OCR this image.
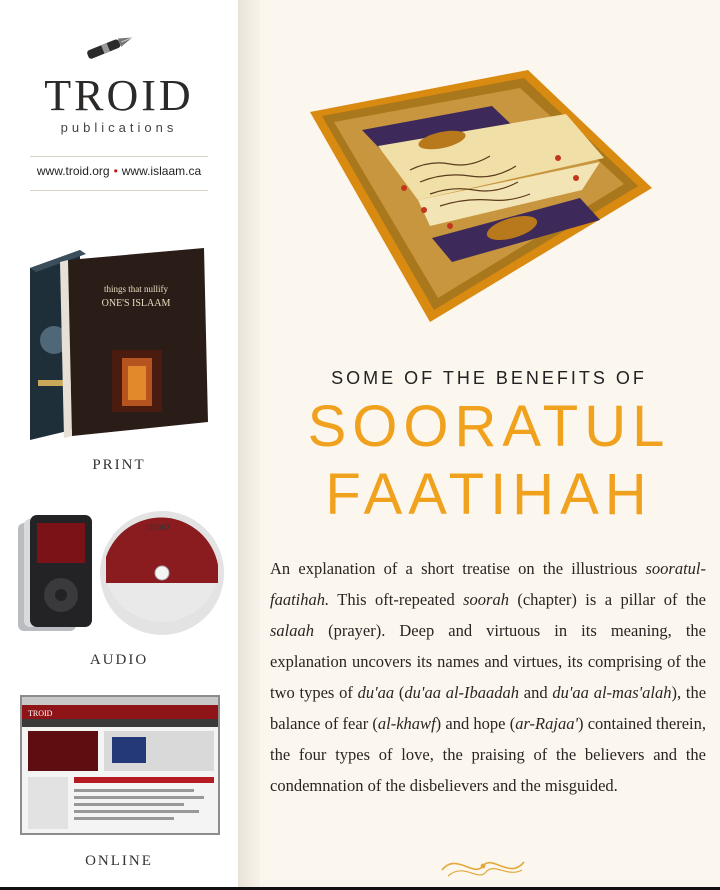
TROID
publications
www.troid.org • www.islaam.ca
things that nullify
ONE'S ISLAAM
PRINT
TROID
AUDIO
TROID
ONLINE
SOME OF THE BENEFITS OF
SOORATUL
FAATIHAH

An explanation of a short treatise on the illustrious sooratul-faatihah. This oft-repeated soorah (chapter) is a pillar of the salaah (prayer). Deep and virtuous in its meaning, the explanation uncovers its names and virtues, its comprising of the two types of du'aa (du'aa al-Ibaadah and du'aa al-mas'alah), the balance of fear (al-khawf) and hope (ar-Rajaa') contained therein, the four types of love, the praising of the believers and the condemnation of the disbelievers and the misguided.
